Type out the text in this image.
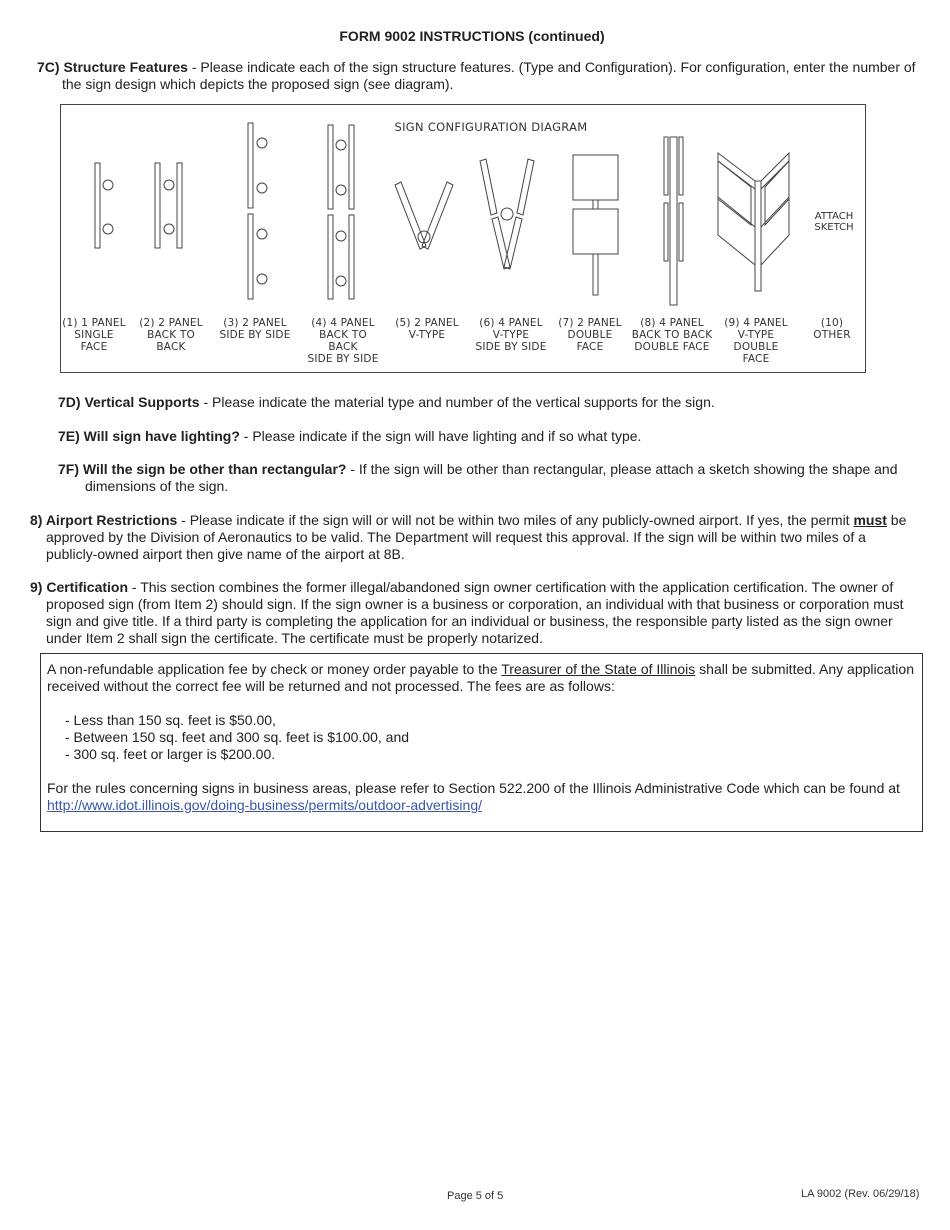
FORM 9002 INSTRUCTIONS (continued)
7C) Structure Features - Please indicate each of the sign structure features. (Type and Configuration). For configuration, enter the number of the sign design which depicts the proposed sign (see diagram).
SIGN CONFIGURATION DIAGRAM
ATTACH
SKETCH
(1) 1 PANEL
SINGLE FACE
(2) 2 PANEL
BACK TO BACK
(3) 2 PANEL
SIDE BY SIDE
(4) 4 PANEL
BACK TO BACK
SIDE BY SIDE
(5) 2 PANEL
V-TYPE
(6) 4 PANEL
V-TYPE
SIDE BY SIDE
(7) 2 PANEL
DOUBLE FACE
(8) 4 PANEL
BACK TO BACK
DOUBLE FACE
(9) 4 PANEL
V-TYPE
DOUBLE FACE
(10) OTHER
7D) Vertical Supports - Please indicate the material type and number of the vertical supports for the sign.
7E) Will sign have lighting? - Please indicate if the sign will have lighting and if so what type.
7F) Will the sign be other than rectangular? - If the sign will be other than rectangular, please attach a sketch showing the shape and dimensions of the sign.
8) Airport Restrictions - Please indicate if the sign will or will not be within two miles of any publicly-owned airport. If yes, the permit must be approved by the Division of Aeronautics to be valid. The Department will request this approval. If the sign will be within two miles of a publicly-owned airport then give name of the airport at 8B.
9) Certification - This section combines the former illegal/abandoned sign owner certification with the application certification. The owner of proposed sign (from Item 2) should sign. If the sign owner is a business or corporation, an individual with that business or corporation must sign and give title. If a third party is completing the application for an individual or business, the responsible party listed as the sign owner under Item 2 shall sign the certificate. The certificate must be properly notarized.

A non-refundable application fee by check or money order payable to the Treasurer of the State of Illinois shall be submitted. Any application received without the correct fee will be returned and not processed. The fees are as follows:

- Less than 150 sq. feet is $50.00,
- Between 150 sq. feet and 300 sq. feet is $100.00, and
- 300 sq. feet or larger is $200.00.

For the rules concerning signs in business areas, please refer to Section 522.200 of the Illinois Administrative Code which can be found at
http://www.idot.illinois.gov/doing-business/permits/outdoor-advertising/

Page 5 of 5	LA 9002 (Rev. 06/29/18)
